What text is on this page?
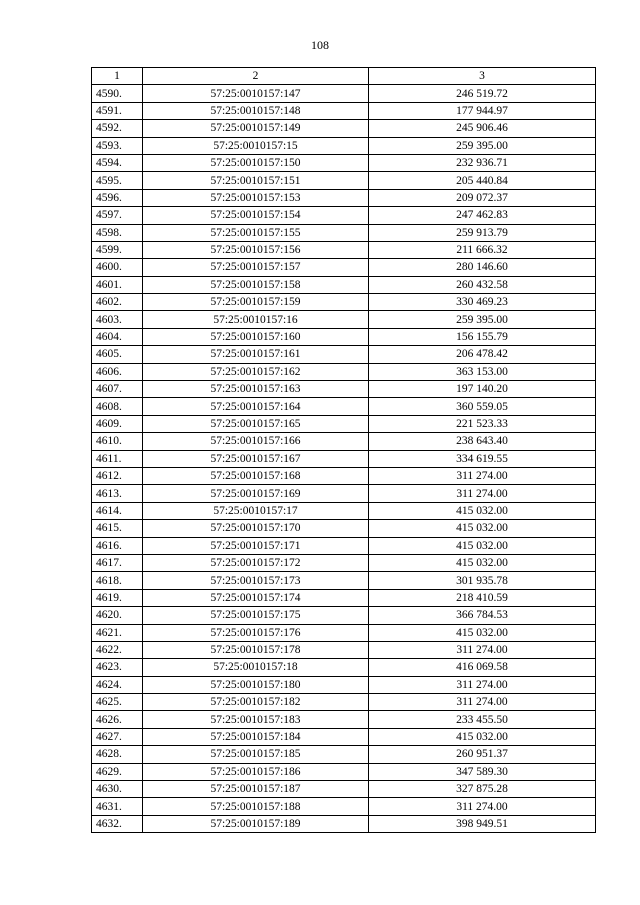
108
1	2	3
4590.	57:25:0010157:147	246 519.72
4591.	57:25:0010157:148	177 944.97
4592.	57:25:0010157:149	245 906.46
4593.	57:25:0010157:15	259 395.00
4594.	57:25:0010157:150	232 936.71
4595.	57:25:0010157:151	205 440.84
4596.	57:25:0010157:153	209 072.37
4597.	57:25:0010157:154	247 462.83
4598.	57:25:0010157:155	259 913.79
4599.	57:25:0010157:156	211 666.32
4600.	57:25:0010157:157	280 146.60
4601.	57:25:0010157:158	260 432.58
4602.	57:25:0010157:159	330 469.23
4603.	57:25:0010157:16	259 395.00
4604.	57:25:0010157:160	156 155.79
4605.	57:25:0010157:161	206 478.42
4606.	57:25:0010157:162	363 153.00
4607.	57:25:0010157:163	197 140.20
4608.	57:25:0010157:164	360 559.05
4609.	57:25:0010157:165	221 523.33
4610.	57:25:0010157:166	238 643.40
4611.	57:25:0010157:167	334 619.55
4612.	57:25:0010157:168	311 274.00
4613.	57:25:0010157:169	311 274.00
4614.	57:25:0010157:17	415 032.00
4615.	57:25:0010157:170	415 032.00
4616.	57:25:0010157:171	415 032.00
4617.	57:25:0010157:172	415 032.00
4618.	57:25:0010157:173	301 935.78
4619.	57:25:0010157:174	218 410.59
4620.	57:25:0010157:175	366 784.53
4621.	57:25:0010157:176	415 032.00
4622.	57:25:0010157:178	311 274.00
4623.	57:25:0010157:18	416 069.58
4624.	57:25:0010157:180	311 274.00
4625.	57:25:0010157:182	311 274.00
4626.	57:25:0010157:183	233 455.50
4627.	57:25:0010157:184	415 032.00
4628.	57:25:0010157:185	260 951.37
4629.	57:25:0010157:186	347 589.30
4630.	57:25:0010157:187	327 875.28
4631.	57:25:0010157:188	311 274.00
4632.	57:25:0010157:189	398 949.51
